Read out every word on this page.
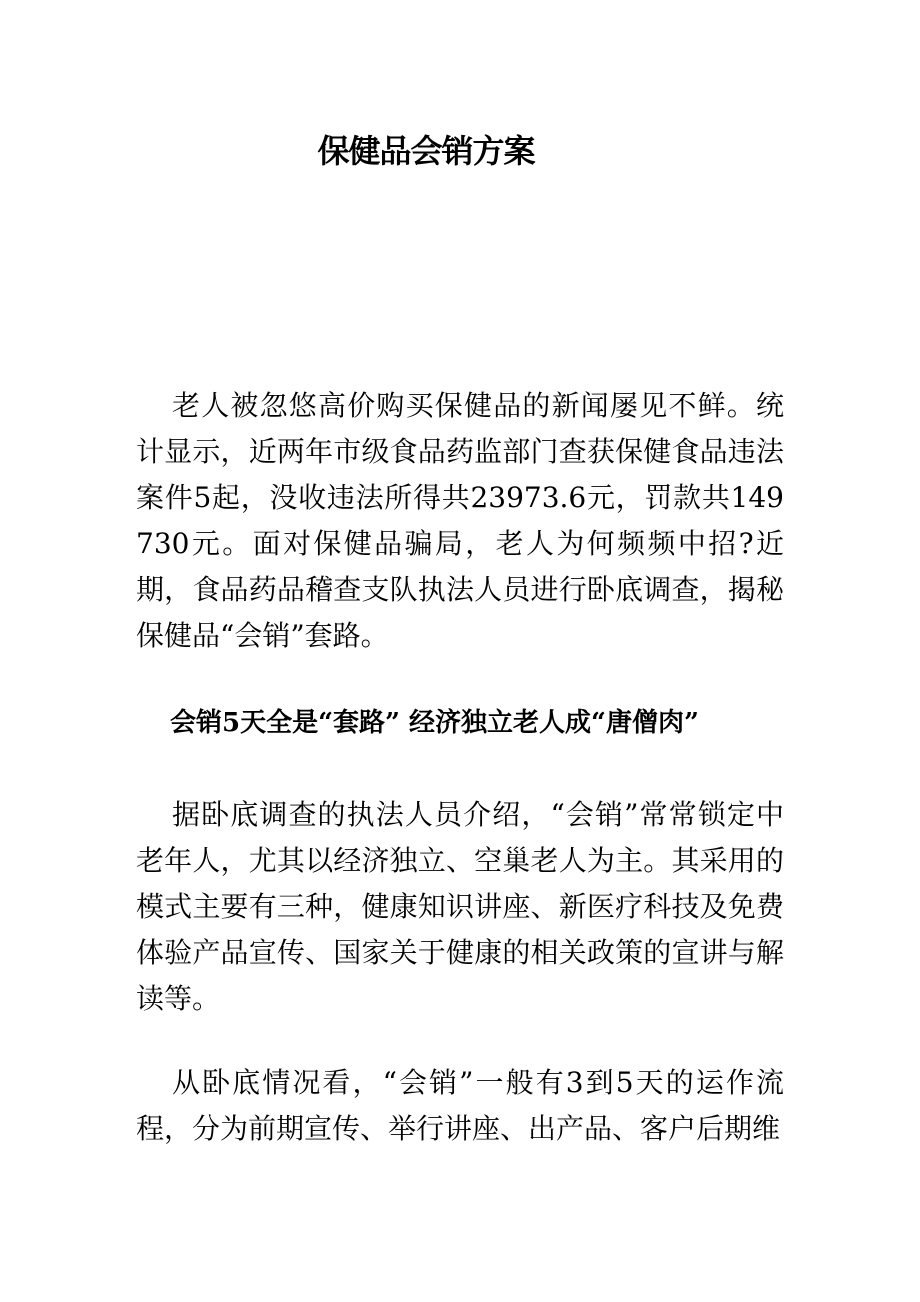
保健品会销方案

老人被忽悠高价购买保健品的新闻屡见不鲜。统计显示，近两年市级食品药监部门查获保健食品违法案件5起，没收违法所得共23973.6元，罚款共149730元。面对保健品骗局，老人为何频频中招?近期，食品药品稽查支队执法人员进行卧底调查，揭秘保健品“会销”套路。

会销5天全是“套路” 经济独立老人成“唐僧肉”

据卧底调查的执法人员介绍，“会销”常常锁定中老年人，尤其以经济独立、空巢老人为主。其采用的模式主要有三种，健康知识讲座、新医疗科技及免费体验产品宣传、国家关于健康的相关政策的宣讲与解读等。

从卧底情况看，“会销”一般有3到5天的运作流程，分为前期宣传、举行讲座、出产品、客户后期维
